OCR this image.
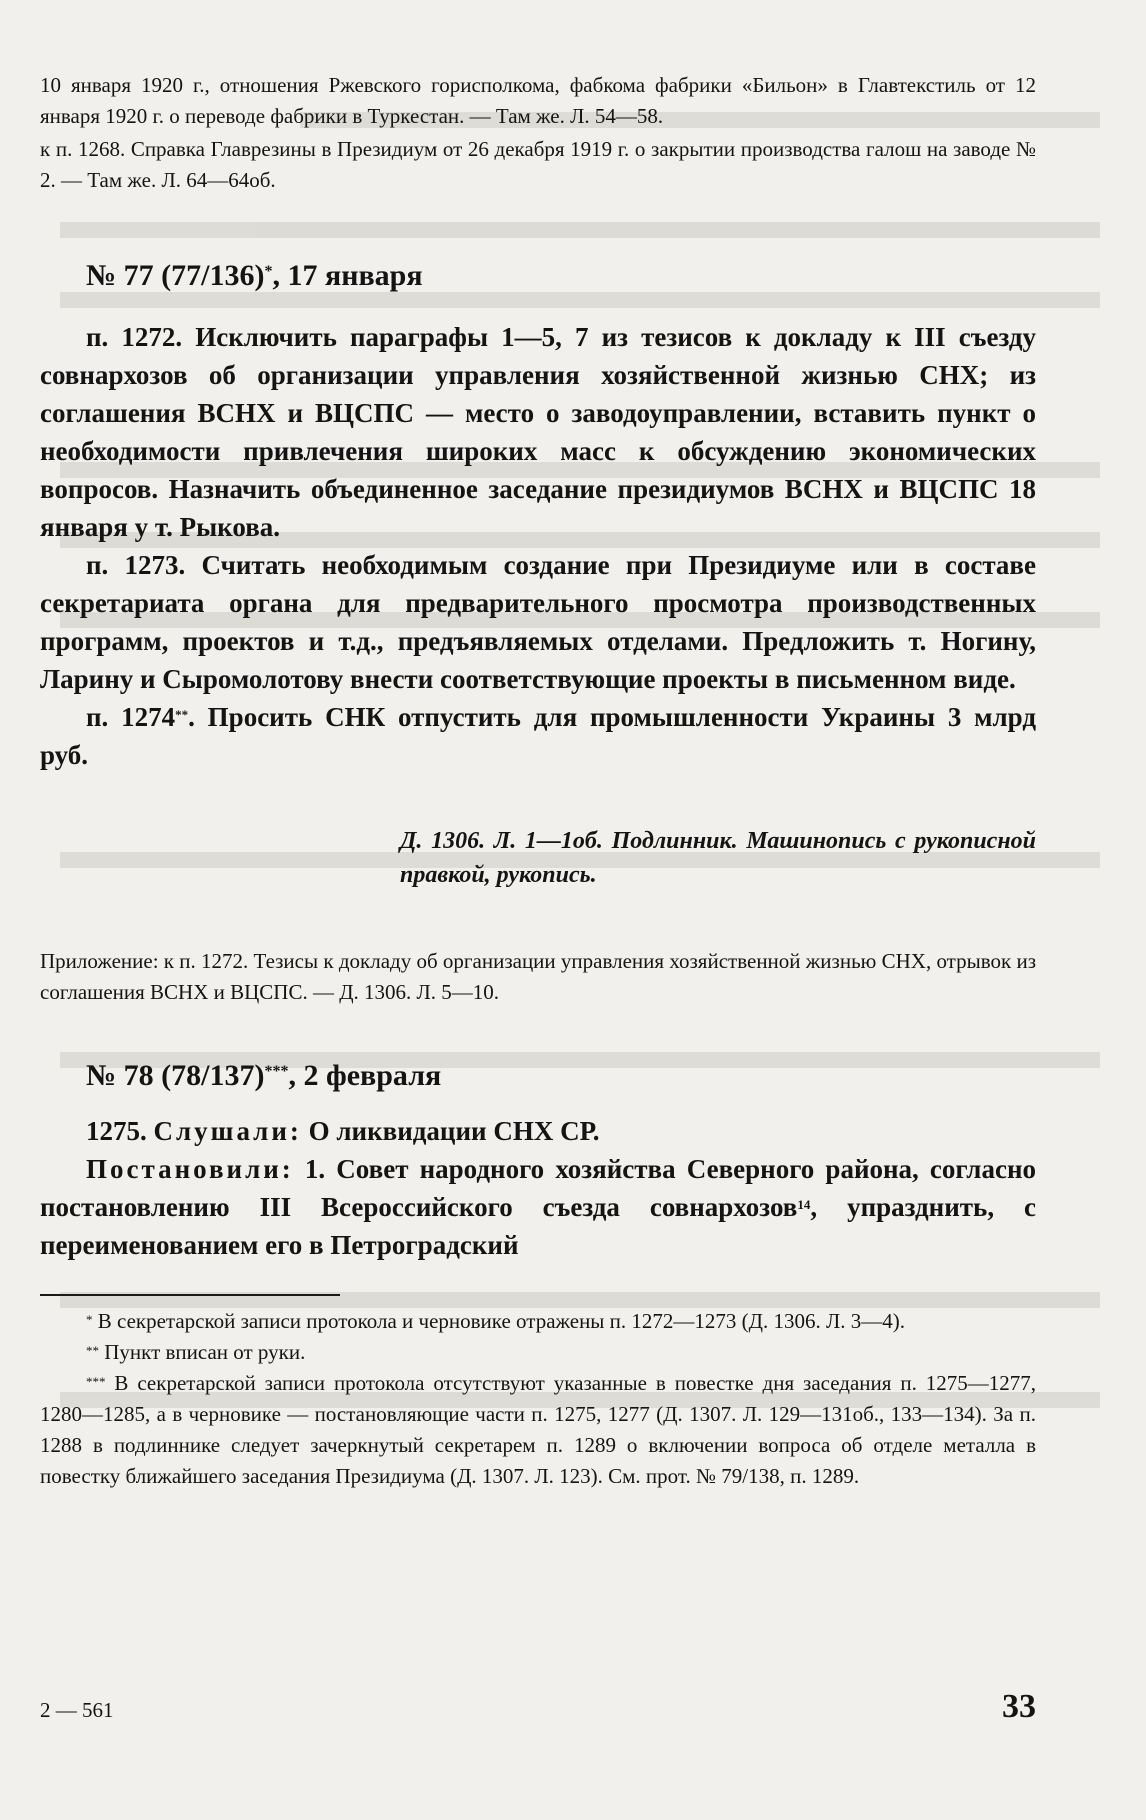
10 января 1920 г., отношения Ржевского горисполкома, фабкома фабрики «Бильон» в Главтекстиль от 12 января 1920 г. о переводе фабрики в Туркестан. — Там же. Л. 54—58.

к п. 1268. Справка Главрезины в Президиум от 26 декабря 1919 г. о закрытии производства галош на заводе № 2. — Там же. Л. 64—64об.

№ 77 (77/136)*, 17 января

п. 1272. Исключить параграфы 1—5, 7 из тезисов к докладу к III съезду совнархозов об организации управления хозяйственной жизнью СНХ; из соглашения ВСНХ и ВЦСПС — место о заводоуправлении, вставить пункт о необходимости привлечения широких масс к обсуждению экономических вопросов. Назначить объединенное заседание президиумов ВСНХ и ВЦСПС 18 января у т. Рыкова.

п. 1273. Считать необходимым создание при Президиуме или в составе секретариата органа для предварительного просмотра производственных программ, проектов и т.д., предъявляемых отделами. Предложить т. Ногину, Ларину и Сыромолотову внести соответствующие проекты в письменном виде.

п. 1274**. Просить СНК отпустить для промышленности Украины 3 млрд руб.

Д. 1306. Л. 1—1об. Подлинник. Машинопись с рукописной правкой, рукопись.

Приложение: к п. 1272. Тезисы к докладу об организации управления хозяйственной жизнью СНХ, отрывок из соглашения ВСНХ и ВЦСПС. — Д. 1306. Л. 5—10.

№ 78 (78/137)***, 2 февраля

1275. Слушали: О ликвидации СНХ СР.

Постановили: 1. Совет народного хозяйства Северного района, согласно постановлению III Всероссийского съезда совнархозов$^{14}$, упразднить, с переименованием его в Петроградский

* В секретарской записи протокола и черновике отражены п. 1272—1273 (Д. 1306. Л. 3—4).

** Пункт вписан от руки.

*** В секретарской записи протокола отсутствуют указанные в повестке дня заседания п. 1275—1277, 1280—1285, а в черновике — постановляющие части п. 1275, 1277 (Д. 1307. Л. 129—131об., 133—134). За п. 1288 в подлиннике следует зачеркнутый секретарем п. 1289 о включении вопроса об отделе металла в повестку ближайшего заседания Президиума (Д. 1307. Л. 123). См. прот. № 79/138, п. 1289.

2 — 561	33
